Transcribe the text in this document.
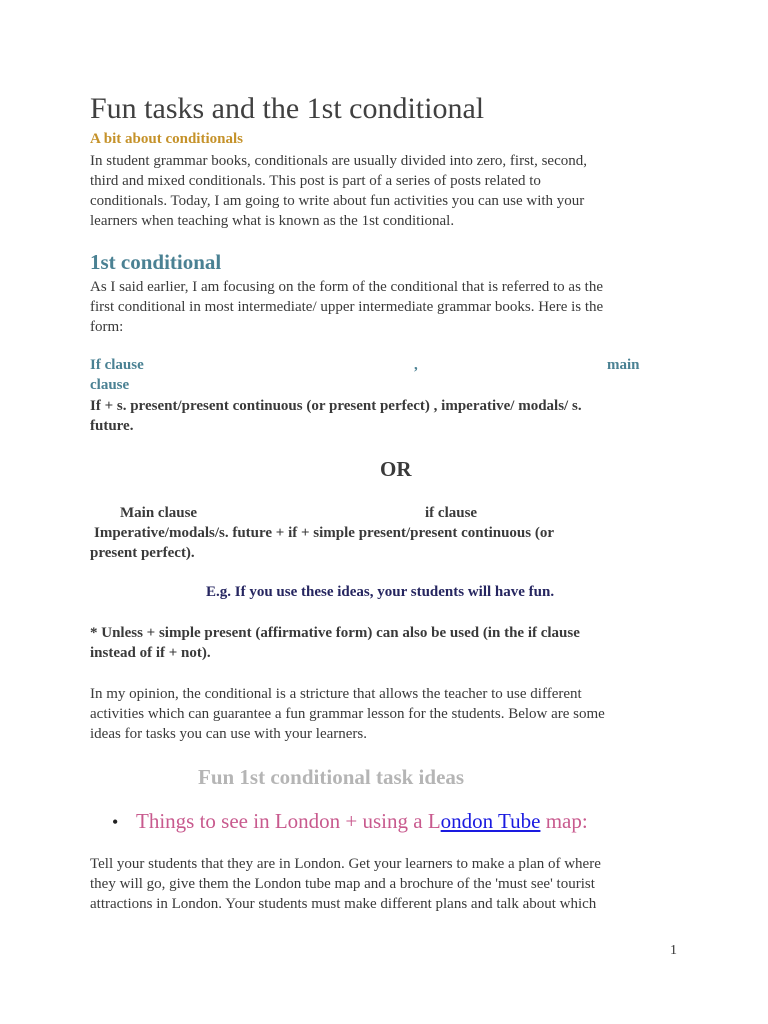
Fun tasks and the 1st conditional
A bit about conditionals
In student grammar books, conditionals are usually divided into zero, first, second,
third and mixed conditionals. This post is part of a series of posts related to
conditionals. Today, I am going to write about fun activities you can use with your
learners when teaching what is known as the 1st conditional.
1st conditional
As I said earlier, I am focusing on the form of the conditional that is referred to as the
first conditional in most intermediate/ upper intermediate grammar books. Here is the
form:
If clause	,	main
clause
If + s. present/present continuous (or present perfect) , imperative/ modals/ s.
future.
OR
Main clause	if clause
Imperative/modals/s. future + if + simple present/present continuous (or
present perfect).
E.g. If you use these ideas, your students will have fun.
* Unless + simple present (affirmative form) can also be used (in the if clause
instead of if + not).
In my opinion, the conditional is a stricture that allows the teacher to use different
activities which can guarantee a fun grammar lesson for the students. Below are some
ideas for tasks you can use with your learners.
Fun 1st conditional task ideas
• Things to see in London + using a London Tube map:
Tell your students that they are in London. Get your learners to make a plan of where
they will go, give them the London tube map and a brochure of the 'must see' tourist
attractions in London. Your students must make different plans and talk about which
1
